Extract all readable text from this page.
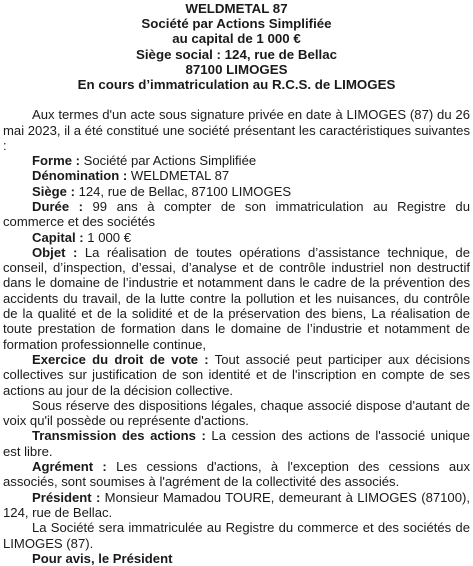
WELDMETAL 87
Société par Actions Simplifiée
au capital de 1 000 €
Siège social : 124, rue de Bellac
87100 LIMOGES
En cours d’immatriculation au R.C.S. de LIMOGES

Aux termes d'un acte sous signature privée en date à LIMOGES (87) du 26 mai 2023, il a été constitué une société présentant les caractéristiques suivantes :

Forme : Société par Actions Simplifiée

Dénomination : WELDMETAL 87

Siège : 124, rue de Bellac, 87100 LIMOGES

Durée : 99 ans à compter de son immatriculation au Registre du commerce et des sociétés

Capital : 1 000 €

Objet : La réalisation de toutes opérations d’assistance technique, de conseil, d’inspection, d’essai, d’analyse et de contrôle industriel non destructif dans le domaine de l’industrie et notamment dans le cadre de la prévention des accidents du travail, de la lutte contre la pollution et les nuisances, du contrôle de la qualité et de la solidité et de la préservation des biens, La réalisation de toute prestation de formation dans le domaine de l’industrie et notamment de formation professionnelle continue,

Exercice du droit de vote : Tout associé peut participer aux décisions collectives sur justification de son identité et de l'inscription en compte de ses actions au jour de la décision collective.

Sous réserve des dispositions légales, chaque associé dispose d'autant de voix qu'il possède ou représente d'actions.

Transmission des actions : La cession des actions de l'associé unique est libre.

Agrément : Les cessions d'actions, à l'exception des cessions aux associés, sont soumises à l'agrément de la collectivité des associés.

Président : Monsieur Mamadou TOURE, demeurant à LIMOGES (87100), 124, rue de Bellac.

La Société sera immatriculée au Registre du commerce et des sociétés de LIMOGES (87).

Pour avis, le Président
